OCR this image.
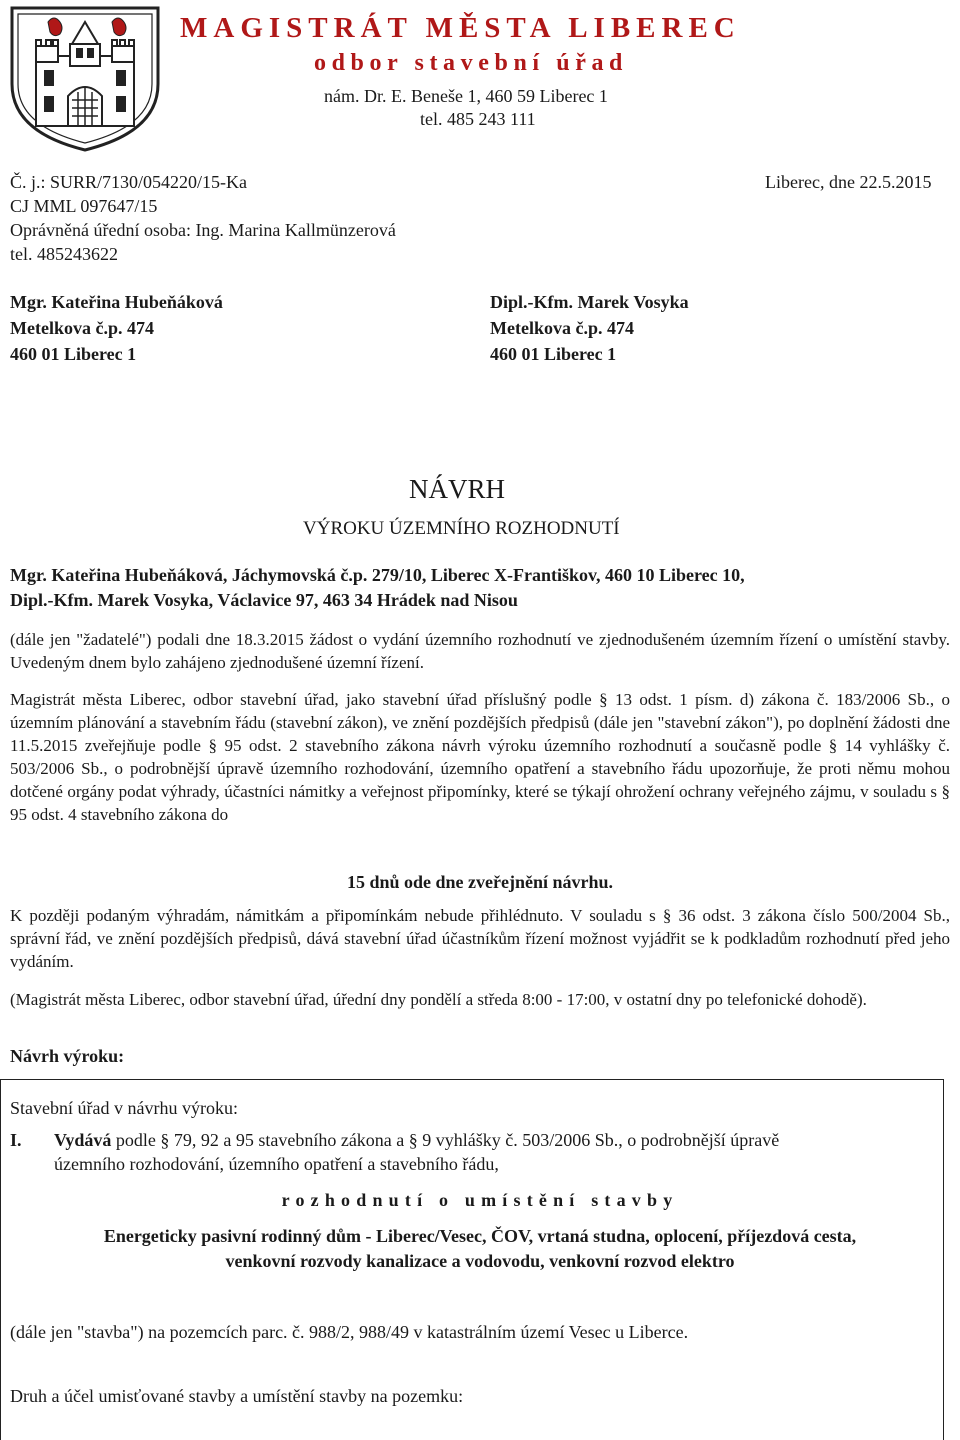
MAGISTRÁT MĚSTA LIBEREC
odbor stavební úřad
nám. Dr. E. Beneše 1, 460 59 Liberec 1
tel. 485 243 111
Č. j.: SURR/7130/054220/15-Ka
CJ MML 097647/15
Oprávněná úřední osoba: Ing. Marina Kallmünzerová
tel. 485243622
Liberec, dne 22.5.2015
Mgr. Kateřina Hubeňáková
Metelkova č.p. 474
460 01 Liberec 1
Dipl.-Kfm. Marek Vosyka
Metelkova č.p. 474
460 01 Liberec 1
NÁVRH
VÝROKU ÚZEMNÍHO ROZHODNUTÍ
Mgr. Kateřina Hubeňáková, Jáchymovská č.p. 279/10, Liberec X-Františkov, 460 10 Liberec 10,
Dipl.-Kfm. Marek Vosyka, Václavice 97, 463 34 Hrádek nad Nisou
(dále jen "žadatelé") podali dne 18.3.2015 žádost o vydání územního rozhodnutí ve zjednodušeném územním řízení o umístění stavby. Uvedeným dnem bylo zahájeno zjednodušené územní řízení.
Magistrát města Liberec, odbor stavební úřad, jako stavební úřad příslušný podle § 13 odst. 1 písm. d) zákona č. 183/2006 Sb., o územním plánování a stavebním řádu (stavební zákon), ve znění pozdějších předpisů (dále jen "stavební zákon"), po doplnění žádosti dne 11.5.2015 zveřejňuje podle § 95 odst. 2 stavebního zákona návrh výroku územního rozhodnutí a současně podle § 14 vyhlášky č. 503/2006 Sb., o podrobnější úpravě územního rozhodování, územního opatření a stavebního řádu upozorňuje, že proti němu mohou dotčené orgány podat výhrady, účastníci námitky a veřejnost připomínky, které se týkají ohrožení ochrany veřejného zájmu, v souladu s § 95 odst. 4 stavebního zákona do
15 dnů ode dne zveřejnění návrhu.
K později podaným výhradám, námitkám a připomínkám nebude přihlédnuto. V souladu s § 36 odst. 3 zákona číslo 500/2004 Sb., správní řád, ve znění pozdějších předpisů, dává stavební úřad účastníkům řízení možnost vyjádřit se k podkladům rozhodnutí před jeho vydáním.
(Magistrát města Liberec, odbor stavební úřad, úřední dny pondělí a středa 8:00 - 17:00, v ostatní dny po telefonické dohodě).
Návrh výroku:
Stavební úřad v návrhu výroku:
I. Vydává podle § 79, 92 a 95 stavebního zákona a § 9 vyhlášky č. 503/2006 Sb., o podrobnější úpravě
územního rozhodování, územního opatření a stavebního řádu,
rozhodnutí o umístění stavby
Energeticky pasivní rodinný dům - Liberec/Vesec, ČOV, vrtaná studna, oplocení, příjezdová cesta,
venkovní rozvody kanalizace a vodovodu, venkovní rozvod elektro
(dále jen "stavba") na pozemcích parc. č. 988/2, 988/49 v katastrálním území Vesec u Liberce.
Druh a účel umisťované stavby a umístění stavby na pozemku:
